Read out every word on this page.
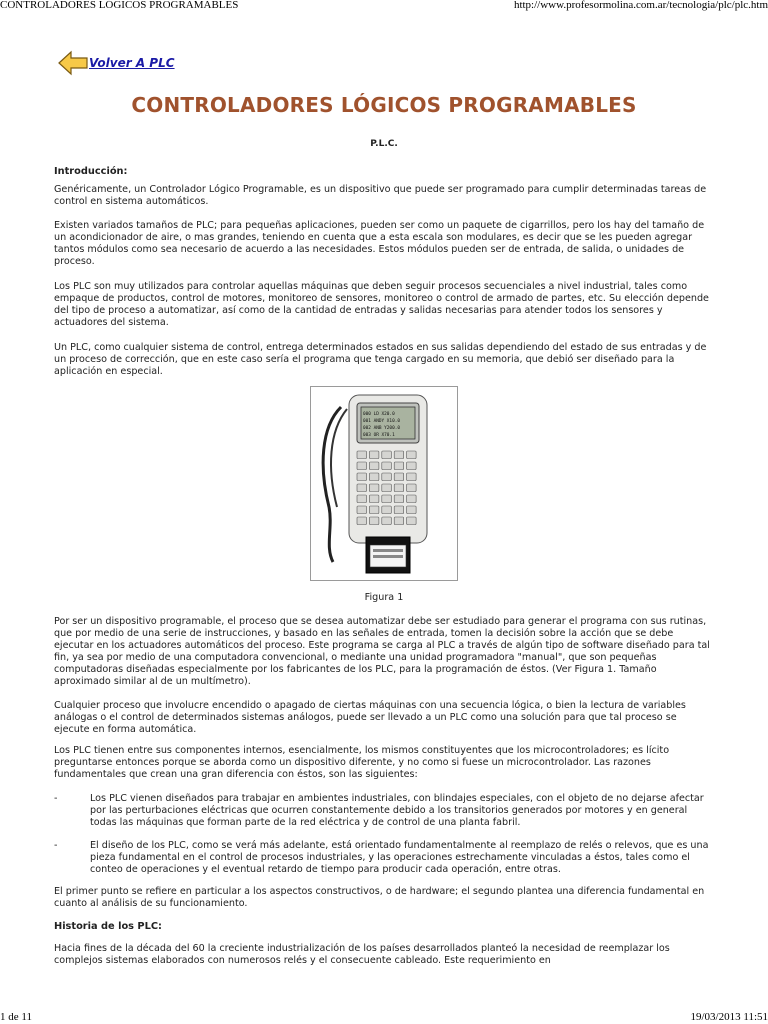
CONTROLADORES LÓGICOS PROGRAMABLES	http://www.profesormolina.com.ar/tecnologia/plc/plc.htm
Volver A PLC
CONTROLADORES LÓGICOS PROGRAMABLES
P.L.C.

Introducción:

Genéricamente, un Controlador Lógico Programable, es un dispositivo que puede ser programado para cumplir determinadas tareas de control en sistema automáticos.

Existen variados tamaños de PLC; para pequeñas aplicaciones, pueden ser como un paquete de cigarrillos, pero los hay del tamaño de un acondicionador de aire, o mas grandes, teniendo en cuenta que a esta escala son modulares, es decir que se les pueden agregar tantos módulos como sea necesario de acuerdo a las necesidades. Estos módulos pueden ser de entrada, de salida, o unidades de proceso.

Los PLC son muy utilizados para controlar aquellas máquinas que deben seguir procesos secuenciales a nivel industrial, tales como empaque de productos, control de motores, monitoreo de sensores, monitoreo o control de armado de partes, etc. Su elección depende del tipo de proceso a automatizar, así como de la cantidad de entradas y salidas necesarias para atender todos los sensores y actuadores del sistema.

Un PLC, como cualquier sistema de control, entrega determinados estados en sus salidas dependiendo del estado de sus entradas y de un proceso de corrección, que en este caso sería el programa que tenga cargado en su memoria, que debió ser diseñado para la aplicación en especial.

000 LD X20.0
001 ANDY X10.0
002 ANB Y200.0
003 OR X70.1
Figura 1

Por ser un dispositivo programable, el proceso que se desea automatizar debe ser estudiado para generar el programa con sus rutinas, que por medio de una serie de instrucciones, y basado en las señales de entrada, tomen la decisión sobre la acción que se debe ejecutar en los actuadores automáticos del proceso. Este programa se carga al PLC a través de algún tipo de software diseñado para tal fin, ya sea por medio de una computadora convencional, o mediante una unidad programadora "manual", que son pequeñas computadoras diseñadas especialmente por los fabricantes de los PLC, para la programación de éstos. (Ver Figura 1. Tamaño aproximado similar al de un multímetro).

Cualquier proceso que involucre encendido o apagado de ciertas máquinas con una secuencia lógica, o bien la lectura de variables análogas o el control de determinados sistemas análogos, puede ser llevado a un PLC como una solución para que tal proceso se ejecute en forma automática.

Los PLC tienen entre sus componentes internos, esencialmente, los mismos constituyentes que los microcontroladores; es lícito preguntarse entonces porque se aborda como un dispositivo diferente, y no como si fuese un microcontrolador. Las razones fundamentales que crean una gran diferencia con éstos, son las siguientes:

-	Los PLC vienen diseñados para trabajar en ambientes industriales, con blindajes especiales, con el objeto de no dejarse afectar por las perturbaciones eléctricas que ocurren constantemente debido a los transitorios generados por motores y en general todas las máquinas que forman parte de la red eléctrica y de control de una planta fabril.

-	El diseño de los PLC, como se verá más adelante, está orientado fundamentalmente al reemplazo de relés o relevos, que es una pieza fundamental en el control de procesos industriales, y las operaciones estrechamente vinculadas a éstos, tales como el conteo de operaciones y el eventual retardo de tiempo para producir cada operación, entre otras.

El primer punto se refiere en particular a los aspectos constructivos, o de hardware; el segundo plantea una diferencia fundamental en cuanto al análisis de su funcionamiento.

Historia de los PLC:

Hacia fines de la década del 60 la creciente industrialización de los países desarrollados planteó la necesidad de reemplazar los complejos sistemas elaborados con numerosos relés y el consecuente cableado. Este requerimiento en

1 de 11	19/03/2013 11:51
